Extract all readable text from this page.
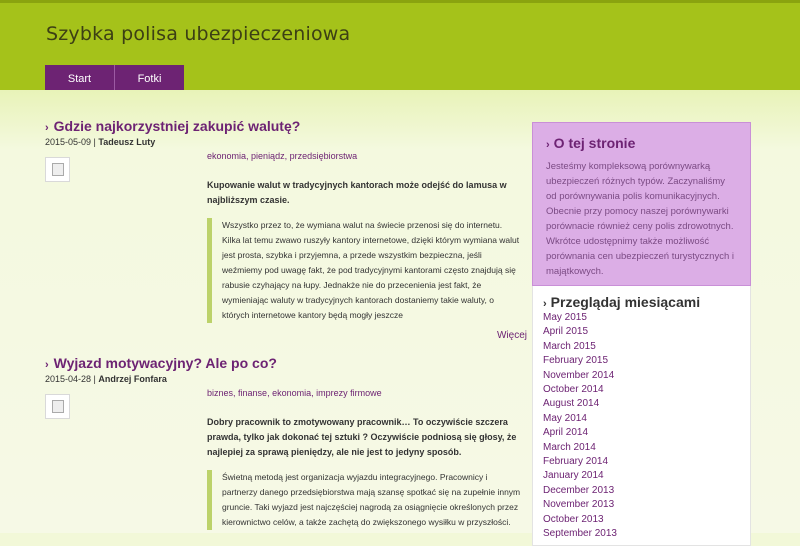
Szybka polisa ubezpieczeniowa
Start	Fotki
› Gdzie najkorzystniej zakupić walutę?
2015-05-09 | Tadeusz Luty
ekonomia, pieniądz, przedsiębiorstwa
Kupowanie walut w tradycyjnych kantorach może odejść do lamusa w najbliższym czasie.
Wszystko przez to, że wymiana walut na świecie przenosi się do internetu. Kilka lat temu zwawo ruszyły kantory internetowe, dzięki którym wymiana walut jest prosta, szybka i przyjemna, a przede wszystkim bezpieczna, jeśli weźmiemy pod uwagę fakt, że pod tradycyjnymi kantorami często znajdują się rabusie czyhający na łupy. Jednakże nie do przecenienia jest fakt, że wymieniając waluty w tradycyjnych kantorach dostaniemy takie waluty, o których internetowe kantory będą mogły jeszcze
Więcej
› Wyjazd motywacyjny? Ale po co?
2015-04-28 | Andrzej Fonfara
biznes, finanse, ekonomia, imprezy firmowe
Dobry pracownik to zmotywowany pracownik… To oczywiście szczera prawda, tylko jak dokonać tej sztuki ? Oczywiście podniosą się głosy, że najlepiej za sprawą pieniędzy, ale nie jest to jedyny sposób.
Świetną metodą jest organizacja wyjazdu integracyjnego. Pracownicy i partnerzy danego przedsiębiorstwa mają szansę spotkać się na zupełnie innym gruncie. Taki wyjazd jest najczęściej nagrodą za osiągnięcie określonych przez kierownictwo celów, a także zachętą do zwiększonego wysiłku w przyszłości.
› O tej stronie

Jesteśmy kompleksową porównywarką ubezpieczeń różnych typów. Zaczynaliśmy od porównywania polis komunikacyjnych. Obecnie przy pomocy naszej porównywarki porównacie również ceny polis zdrowotnych. Wkrótce udostępnimy także możliwość porównania cen ubezpieczeń turystycznych i majątkowych.

› Przeglądaj miesiącami
May 2015
April 2015
March 2015
February 2015
November 2014
October 2014
August 2014
May 2014
April 2014
March 2014
February 2014
January 2014
December 2013
November 2013
October 2013
September 2013
